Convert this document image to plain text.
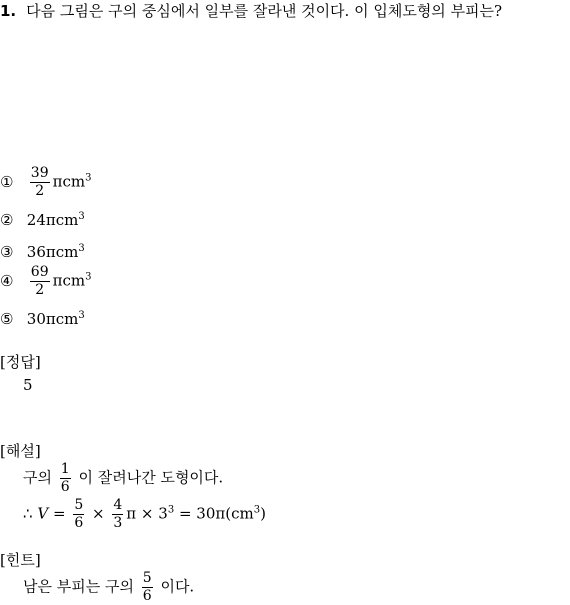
1. 다음 그림은 구의 중심에서 일부를 잘라낸 것이다. 이 입체도형의 부피는?
① $\frac{39}{2} \pi cm^3$
② 24πcm$^3$
③ 36πcm$^3$
④ $\frac{69}{2} \pi cm^3$
⑤ 30πcm$^3$
[정답]
5
[해설]
구의 $\frac{1}{6}$ 이 잘려나간 도형이다.
∴ $V = \frac{5}{6} \times \frac{4}{3}$ $\pi \times 3^3 = 30\pi(cm^3)$
[힌트]
남은 부피는 구의 $\frac{5}{6}$ 이다.
